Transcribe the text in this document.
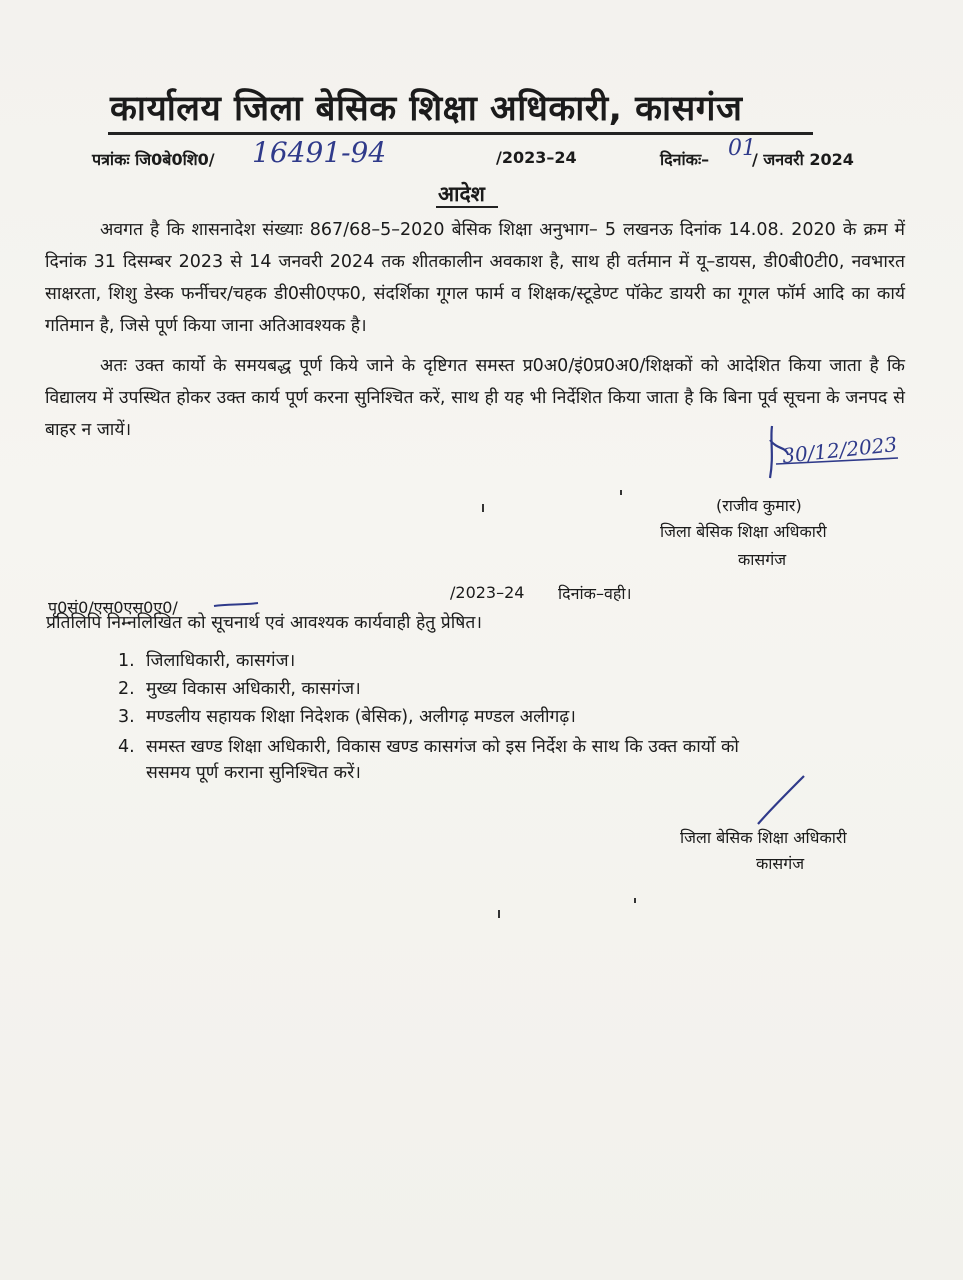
कार्यालय जिला बेसिक शिक्षा अधिकारी, कासगंज
पत्रांकः जि0बे0शि0/ 16491-94	/2023–24	दिनांकः– 01
/ जनवरी 2024
आदेश
अवगत है कि शासनादेश संख्याः 867/68–5–2020 बेसिक शिक्षा अनुभाग– 5 लखनऊ दिनांक 14.08. 2020 के क्रम में दिनांक 31 दिसम्बर 2023 से 14 जनवरी 2024 तक शीतकालीन अवकाश है, साथ ही वर्तमान में यू–डायस, डी0बी0टी0, नवभारत साक्षरता, शिशु डेस्क फर्नीचर/चहक डी0सी0एफ0, संदर्शिका गूगल फार्म व शिक्षक/स्टूडेण्ट पॉकेट डायरी का गूगल फॉर्म आदि का कार्य गतिमान है, जिसे पूर्ण किया जाना अतिआवश्यक है।
अतः उक्त कार्यो के समयबद्ध पूर्ण किये जाने के दृष्टिगत समस्त प्र0अ0/इं0प्र0अ0/शिक्षकों को आदेशित किया जाता है कि विद्यालय में उपस्थित होकर उक्त कार्य पूर्ण करना सुनिश्चित करें, साथ ही यह भी निर्देशित किया जाता है कि बिना पूर्व सूचना के जनपद से बाहर न जायें।
30/12/2023
(राजीव कुमार)
जिला बेसिक शिक्षा अधिकारी
कासगंज
पृ0सं0/एस0एस0ए0/
/2023–24 दिनांक–वही।
प्रतिलिपि निम्नलिखित को सूचनार्थ एवं आवश्यक कार्यवाही हेतु प्रेषित।
1. जिलाधिकारी, कासगंज।
2. मुख्य विकास अधिकारी, कासगंज।
3. मण्डलीय सहायक शिक्षा निदेशक (बेसिक), अलीगढ़ मण्डल अलीगढ़।
4. समस्त खण्ड शिक्षा अधिकारी, विकास खण्ड कासगंज को इस निर्देश के साथ कि उक्त कार्यो को
ससमय पूर्ण कराना सुनिश्चित करें।
जिला बेसिक शिक्षा अधिकारी
कासगंज
